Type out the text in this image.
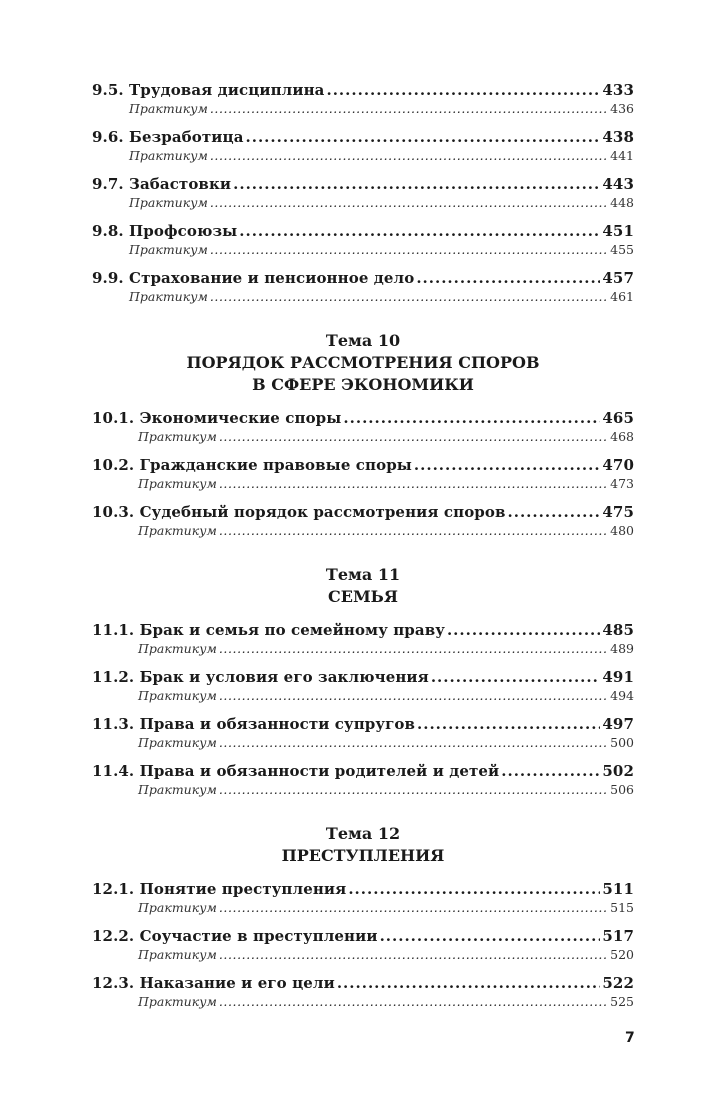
9.5. Трудовая дисциплина .....	433
Практикум .....	436
9.6. Безработица .....	438
Практикум .....	441
9.7. Забастовки .....	443
Практикум .....	448
9.8. Профсоюзы .....	451
Практикум .....	455
9.9. Страхование и пенсионное дело .....	457
Практикум .....	461
Тема 10
ПОРЯДОК РАССМОТРЕНИЯ СПОРОВ
В СФЕРЕ ЭКОНОМИКИ
10.1. Экономические споры .....	465
Практикум .....	468
10.2. Гражданские правовые споры .....	470
Практикум .....	473
10.3. Судебный порядок рассмотрения споров .....	475
Практикум .....	480
Тема 11
СЕМЬЯ
11.1. Брак и семья по семейному праву .....	485
Практикум .....	489
11.2. Брак и условия его заключения .....	491
Практикум .....	494
11.3. Права и обязанности супругов .....	497
Практикум .....	500
11.4. Права и обязанности родителей и детей .....	502
Практикум .....	506
Тема 12
ПРЕСТУПЛЕНИЯ
12.1. Понятие преступления .....	511
Практикум .....	515
12.2. Соучастие в преступлении .....	517
Практикум .....	520
12.3. Наказание и его цели .....	522
Практикум .....	525
7
